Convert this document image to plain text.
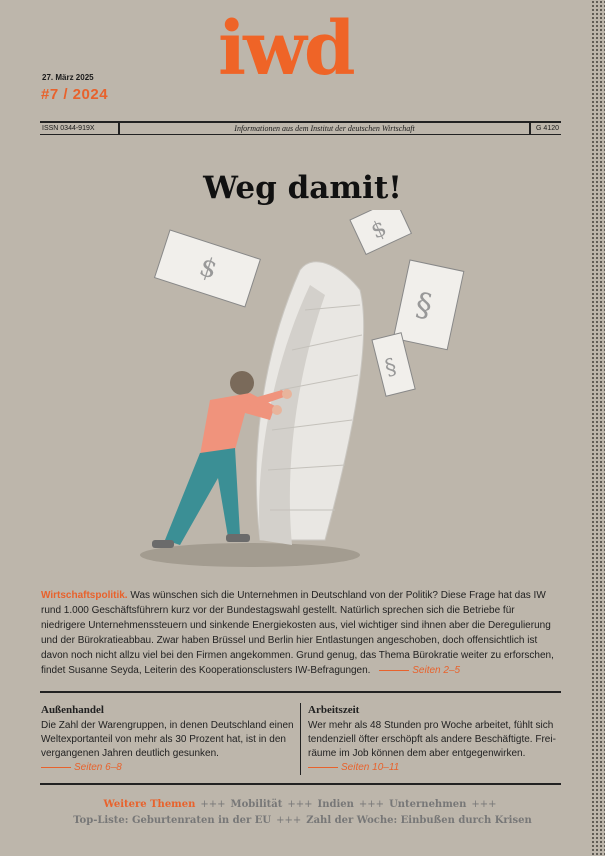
27. März 2025
#7 / 2024
iwd
ISSN 0344-919X	Informationen aus dem Institut der deutschen Wirtschaft	G 4120
Weg damit!
$
$
§
§

Wirtschaftspolitik. Was wünschen sich die Unternehmen in Deutschland von der Politik? Diese Frage hat das IW rund 1.000 Geschäftsführern kurz vor der Bundestagswahl gestellt. Natürlich sprechen sich die Betriebe für niedrigere Unternehmenssteuern und sinkende Energiekosten aus, viel wichtiger sind ihnen aber die Deregulierung und der Bürokratieabbau. Zwar haben Brüssel und Berlin hier Entlastungen angeschoben, doch offensichtlich ist davon noch nicht allzu viel bei den Firmen angekommen. Grund genug, das Thema Bürokratie weiter zu erforschen, findet Susanne Seyda, Leiterin des Kooperationsclusters IW-Befragungen.	Seiten 2–5

Außenhandel

Die Zahl der Warengruppen, in denen Deutschland einen Weltexportanteil von mehr als 30 Prozent hat, ist in den vergangenen Jahren deutlich gesunken.

Seiten 6–8

Arbeitszeit

Wer mehr als 48 Stunden pro Woche arbeitet, fühlt sich tendenziell öfter erschöpft als andere Beschäftigte. Frei-räume im Job können dem aber entgegenwirken.

Seiten 10–11

Weitere Themen +++ Mobilität +++ Indien +++ Unternehmen +++
Top-Liste: Geburtenraten in der EU +++ Zahl der Woche: Einbußen durch Krisen
